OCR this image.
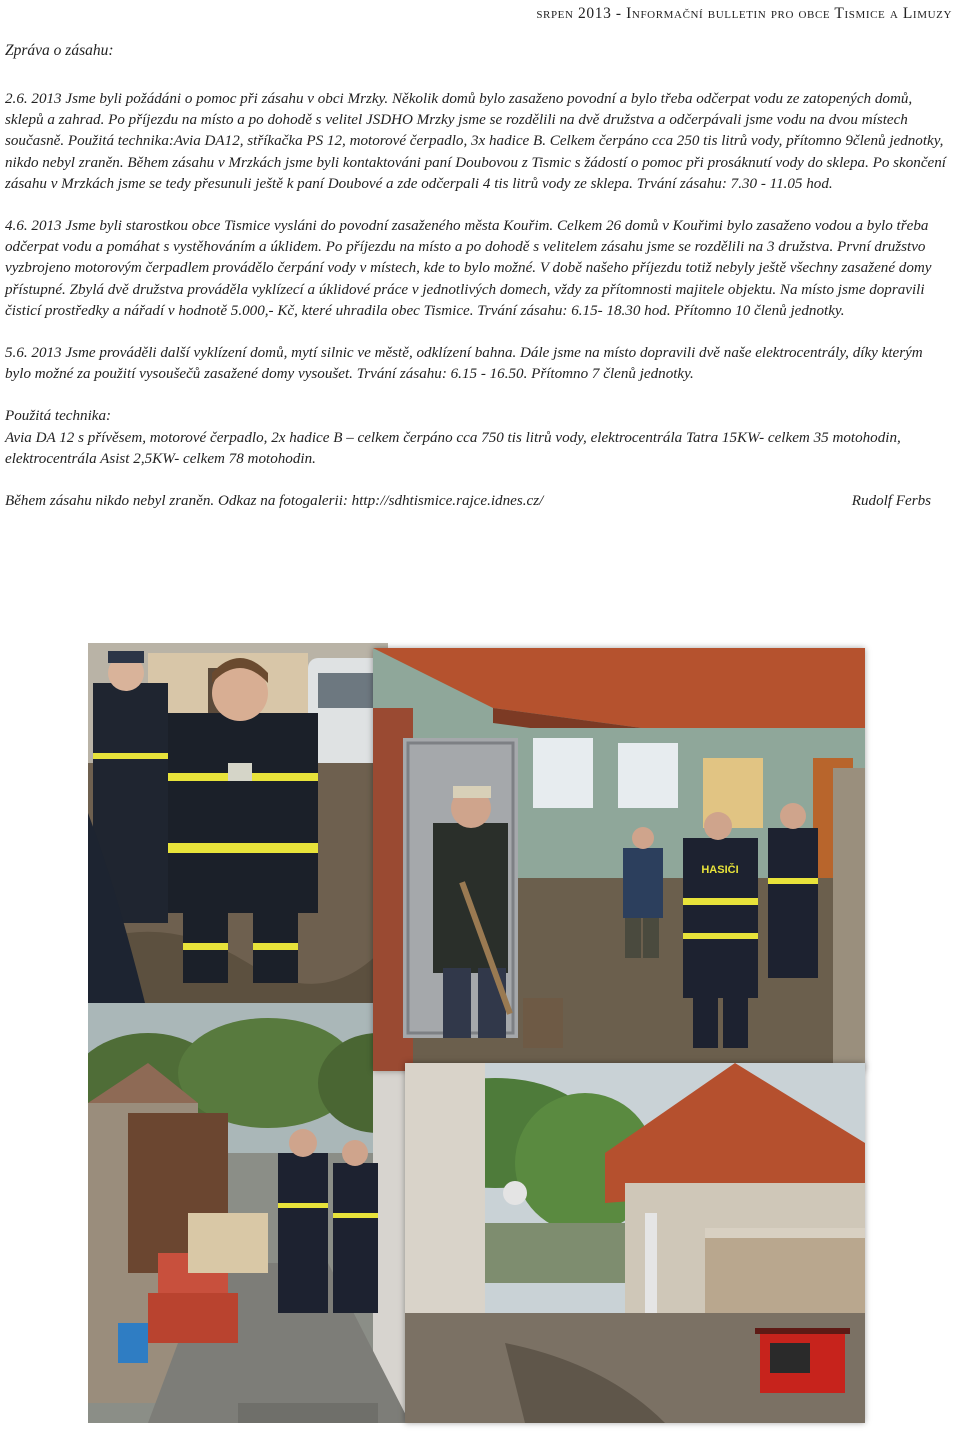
srpen 2013 - Informační bulletin pro obce Tismice a Limuzy
Zpráva o zásahu:

2.6. 2013 Jsme byli požádáni o pomoc při zásahu v obci Mrzky. Několik domů bylo zasaženo povodní a bylo třeba odčerpat vodu ze zatopených domů, sklepů a zahrad. Po příjezdu na místo a po dohodě s velitel JSDHO Mrzky jsme se rozdělili na dvě družstva a odčerpávali jsme vodu na dvou místech současně. Použitá technika:Avia DA12, stříkačka PS 12, motorové čerpadlo, 3x hadice B. Celkem čerpáno cca 250 tis litrů vody, přítomno 9členů jednotky, nikdo nebyl zraněn. Během zásahu v Mrzkách jsme byli kontaktováni paní Doubovou z Tismic s žádostí o pomoc při prosáknutí vody do sklepa. Po skončení zásahu v Mrzkách jsme se tedy přesunuli ještě k paní Doubové a zde odčerpali 4 tis litrů vody ze sklepa. Trvání zásahu: 7.30 - 11.05 hod.

4.6. 2013 Jsme byli starostkou obce Tismice vysláni do povodní zasaženého města Kouřim. Celkem 26 domů v Kouřimi bylo zasaženo vodou a bylo třeba odčerpat vodu a pomáhat s vystěhováním a úklidem. Po příjezdu na místo a po dohodě s velitelem zásahu jsme se rozdělili na 3 družstva. První družstvo vyzbrojeno motorovým čerpadlem provádělo čerpání vody v místech, kde to bylo možné. V době našeho příjezdu totiž nebyly ještě všechny zasažené domy přístupné. Zbylá dvě družstva prováděla vyklízecí a úklidové práce v jednotlivých domech, vždy za přítomnosti majitele objektu. Na místo jsme dopravili čisticí prostředky a nářadí v hodnotě 5.000,- Kč, které uhradila obec Tismice. Trvání zásahu: 6.15- 18.30 hod. Přítomno 10 členů jednotky.

5.6. 2013 Jsme prováděli další vyklízení domů, mytí silnic ve městě, odklízení bahna. Dále jsme na místo dopravili dvě naše elektrocentrály, díky kterým bylo možné za použití vysoušečů zasažené domy vysoušet. Trvání zásahu: 6.15 - 16.50. Přítomno 7 členů jednotky.

Použitá technika:

Avia DA 12 s přívěsem, motorové čerpadlo, 2x hadice B – celkem čerpáno cca 750 tis litrů vody, elektrocentrála Tatra 15KW- celkem 35 motohodin, elektrocentrála Asist 2,5KW- celkem 78 motohodin.

Během zásahu nikdo nebyl zraněn. Odkaz na fotogalerii: http://sdhtismice.rajce.idnes.cz/	Rudolf Ferbs
HASIČI
